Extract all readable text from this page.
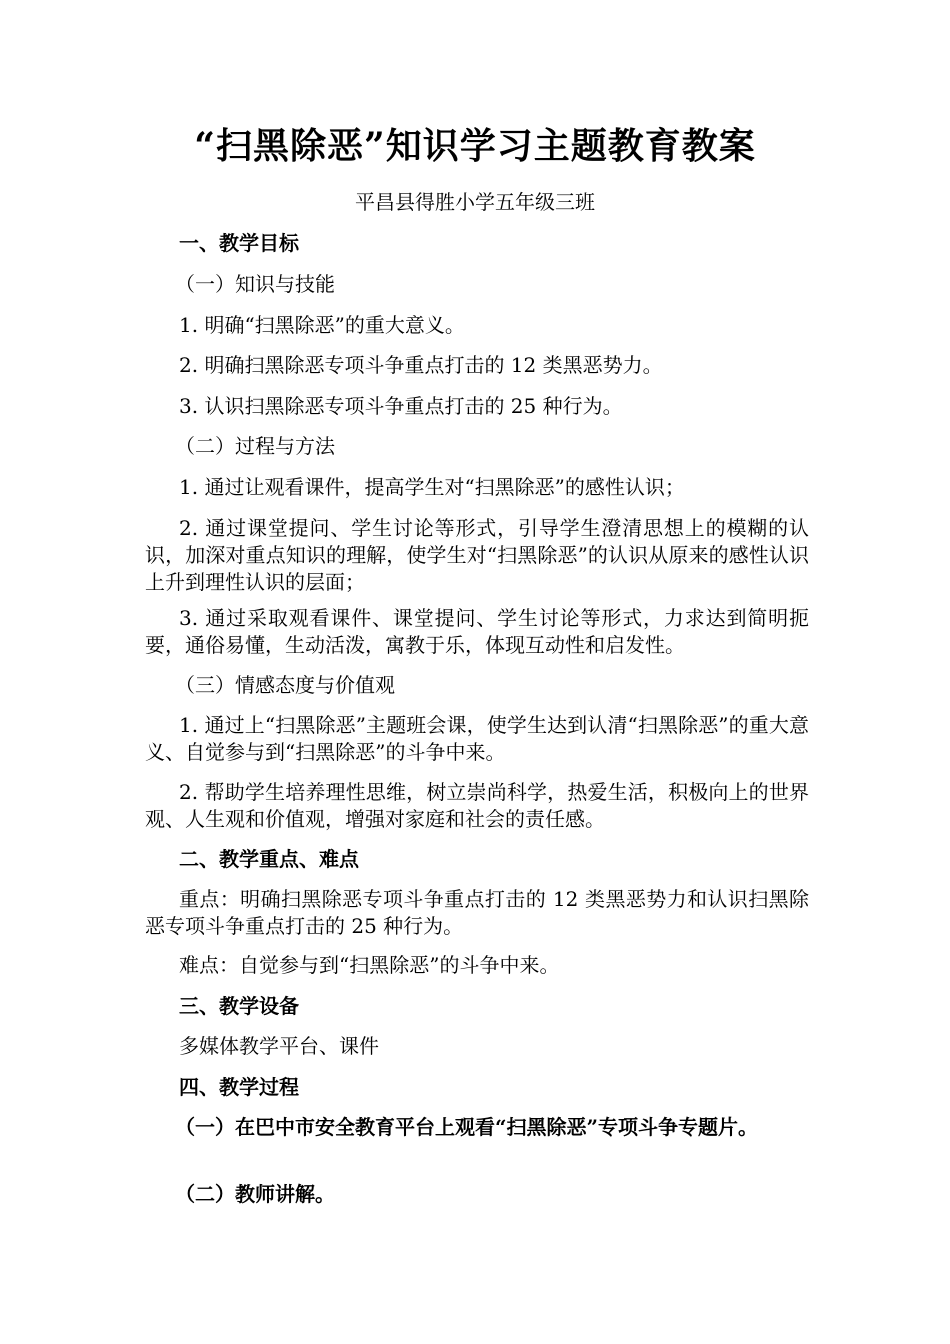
“扫黑除恶”知识学习主题教育教案
平昌县得胜小学五年级三班
一、教学目标
（一）知识与技能
1. 明确“扫黑除恶”的重大意义。
2. 明确扫黑除恶专项斗争重点打击的 12 类黑恶势力。
3. 认识扫黑除恶专项斗争重点打击的 25 种行为。
（二）过程与方法
1. 通过让观看课件，提高学生对“扫黑除恶”的感性认识；
2. 通过课堂提问、学生讨论等形式，引导学生澄清思想上的模糊的认识，加深对重点知识的理解，使学生对“扫黑除恶”的认识从原来的感性认识上升到理性认识的层面；
3. 通过采取观看课件、课堂提问、学生讨论等形式，力求达到简明扼要，通俗易懂，生动活泼，寓教于乐，体现互动性和启发性。
（三）情感态度与价值观
1. 通过上“扫黑除恶”主题班会课，使学生达到认清“扫黑除恶”的重大意义、自觉参与到“扫黑除恶”的斗争中来。
2. 帮助学生培养理性思维，树立崇尚科学，热爱生活，积极向上的世界观、人生观和价值观，增强对家庭和社会的责任感。
二、教学重点、难点
重点：明确扫黑除恶专项斗争重点打击的 12 类黑恶势力和认识扫黑除恶专项斗争重点打击的 25 种行为。
难点：自觉参与到“扫黑除恶”的斗争中来。
三、教学设备
多媒体教学平台、课件
四、教学过程
（一）在巴中市安全教育平台上观看“扫黑除恶”专项斗争专题片。
（二）教师讲解。
